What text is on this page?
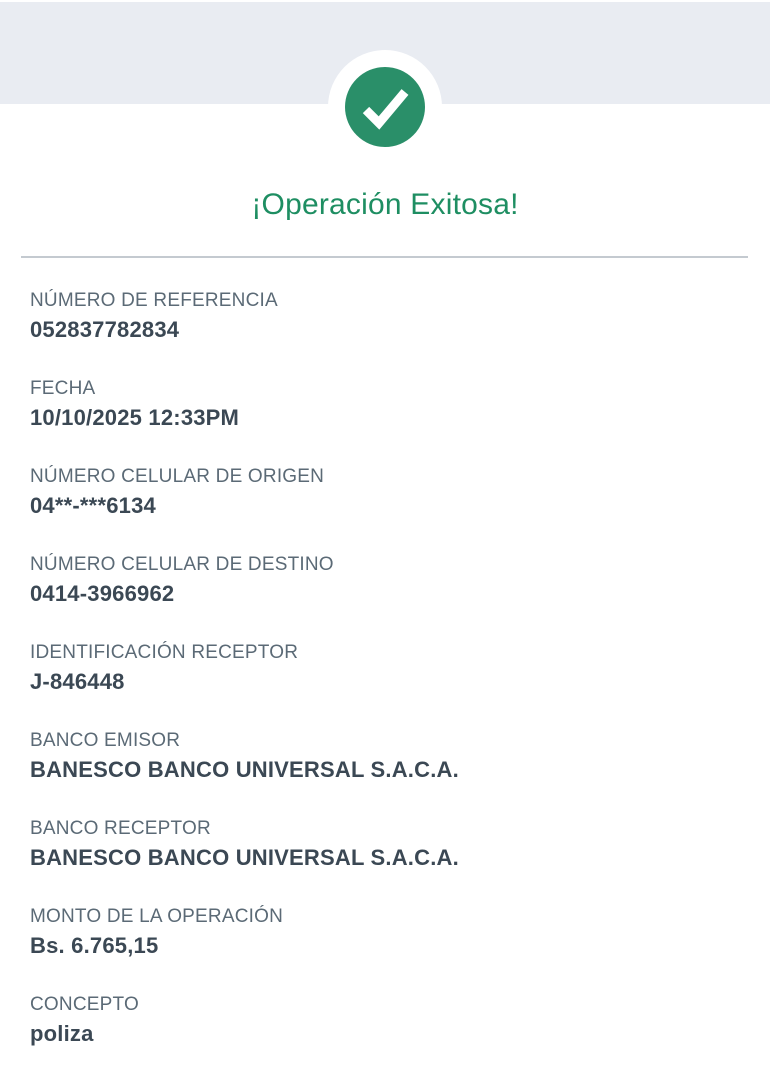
¡Operación Exitosa!
NÚMERO DE REFERENCIA
052837782834
FECHA
10/10/2025 12:33PM
NÚMERO CELULAR DE ORIGEN
04**-***6134
NÚMERO CELULAR DE DESTINO
0414-3966962
IDENTIFICACIÓN RECEPTOR
J-846448
BANCO EMISOR
BANESCO BANCO UNIVERSAL S.A.C.A.
BANCO RECEPTOR
BANESCO BANCO UNIVERSAL S.A.C.A.
MONTO DE LA OPERACIÓN
Bs. 6.765,15
CONCEPTO
poliza
